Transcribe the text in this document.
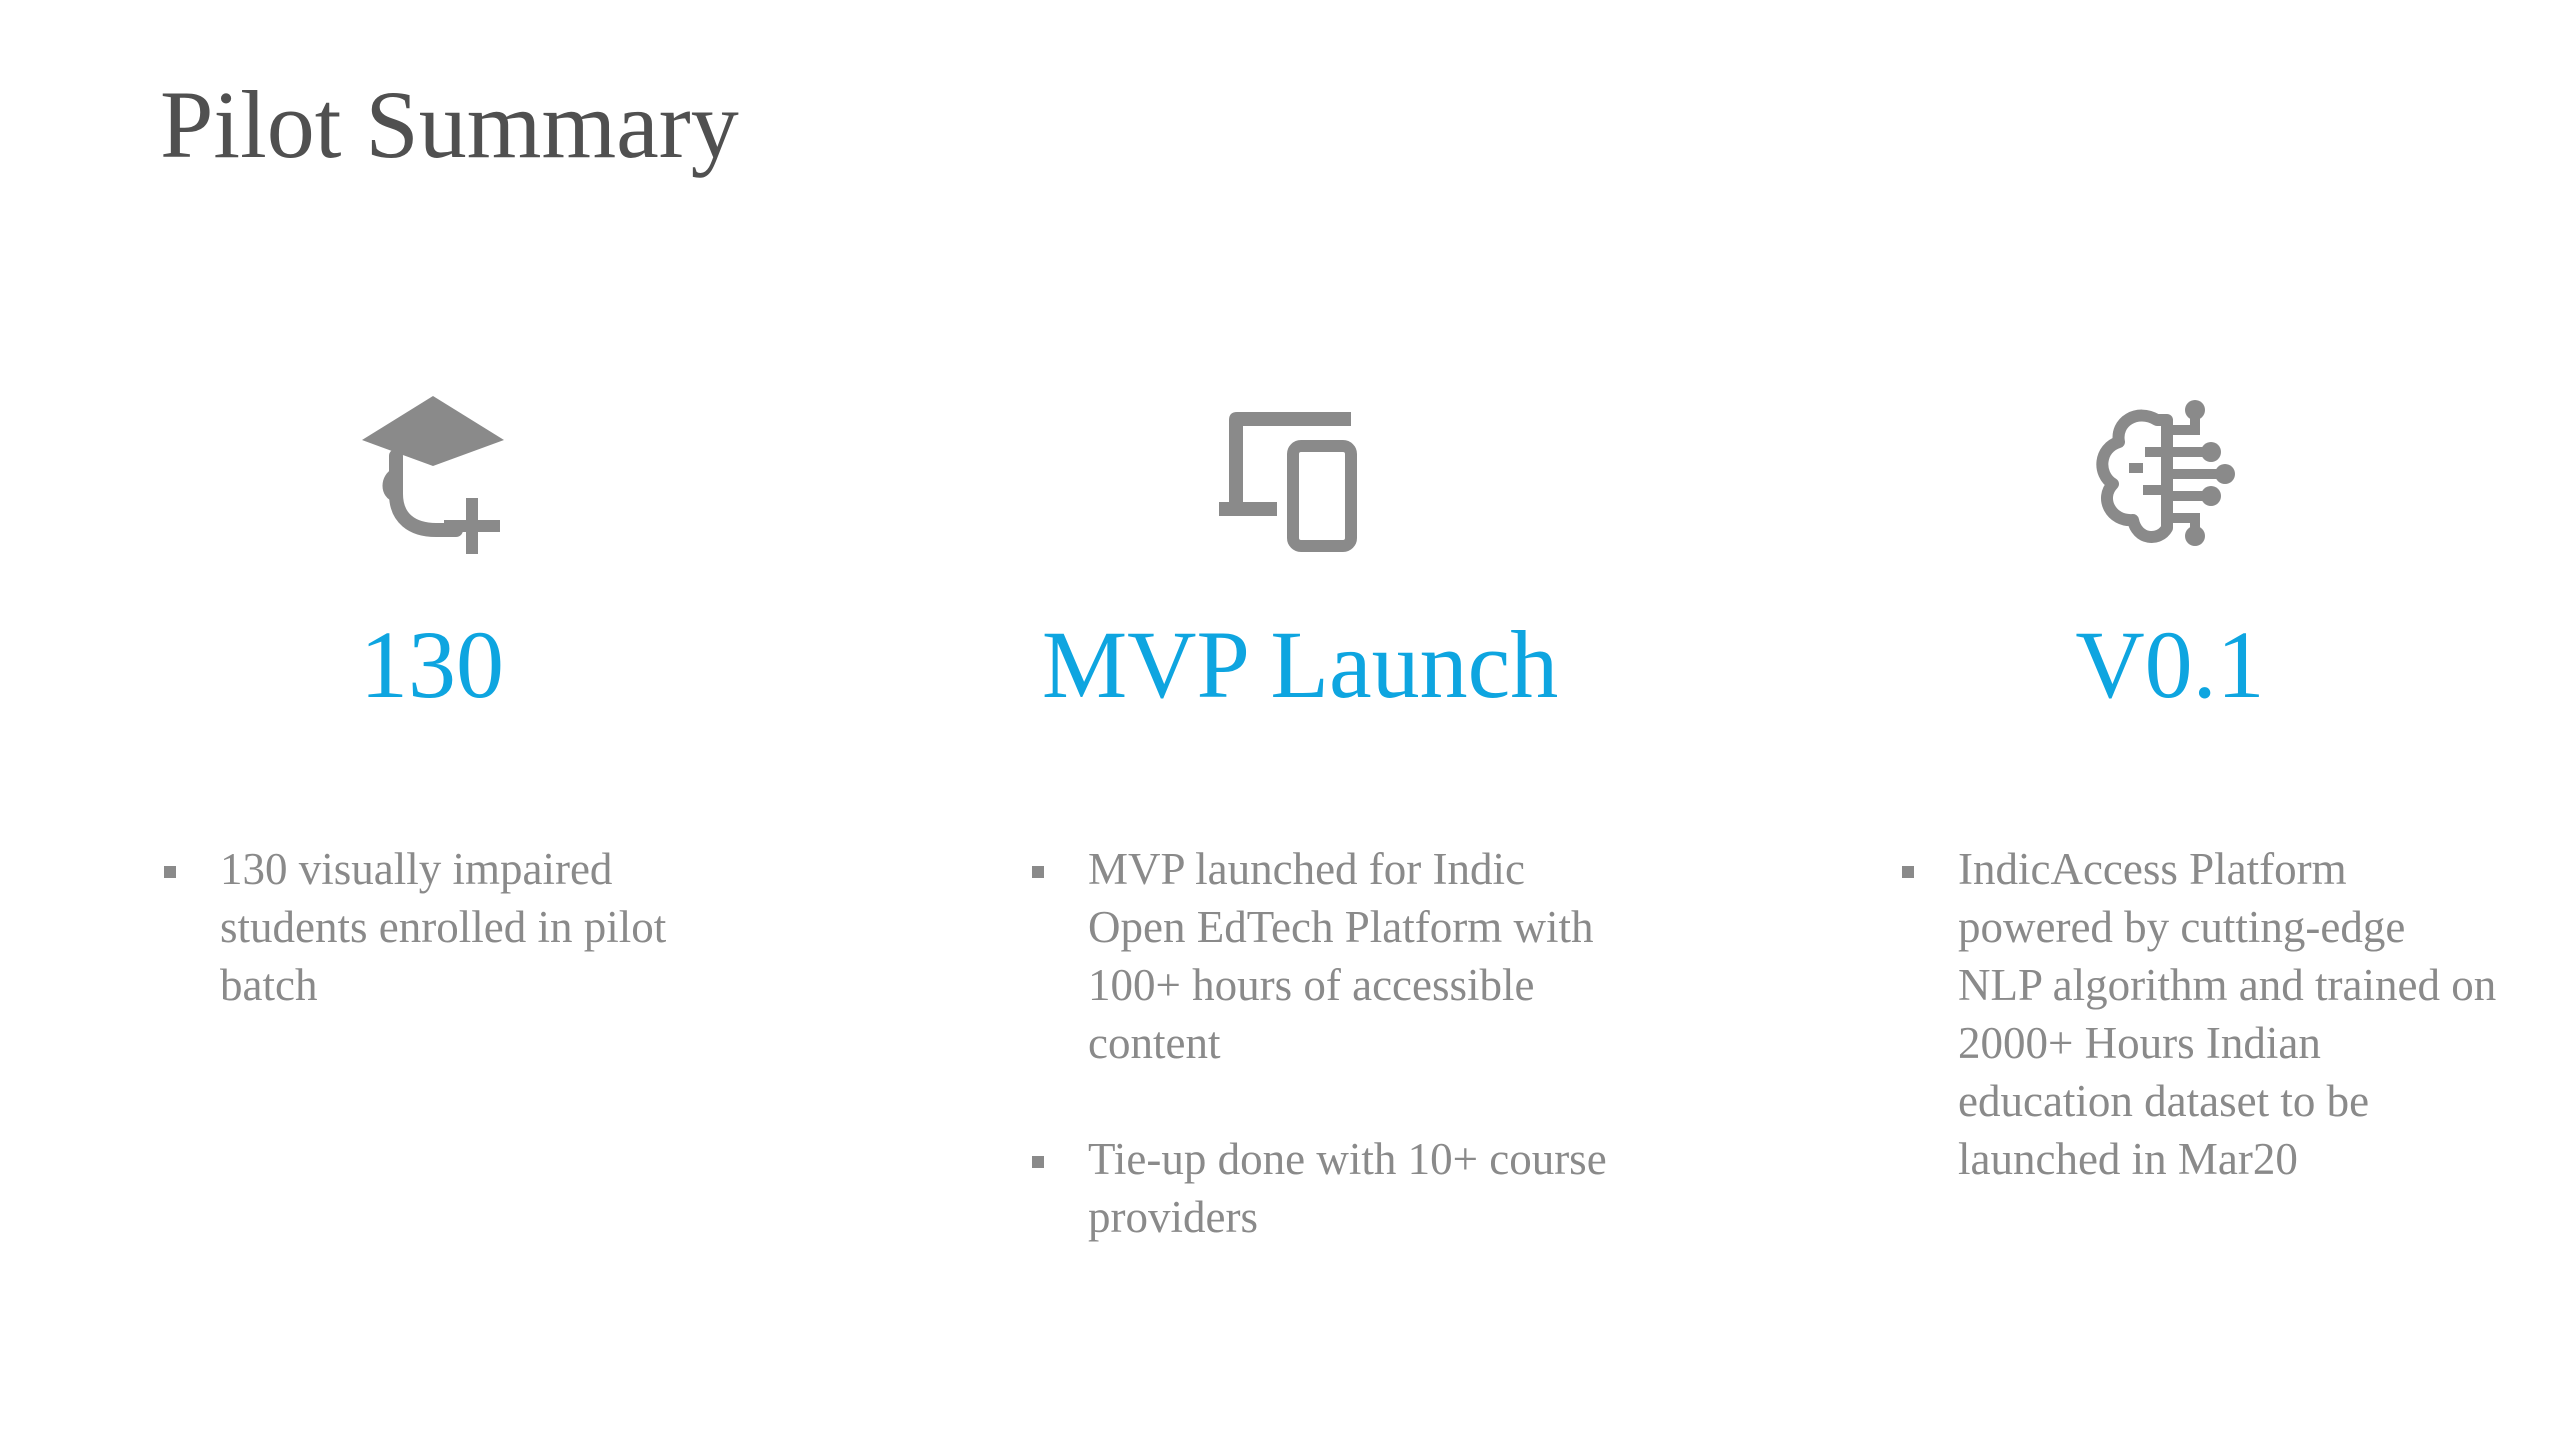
Pilot Summary
130
130 visually impaired students enrolled in pilot batch
MVP Launch
MVP launched for Indic Open EdTech Platform with 100+ hours of accessible content
Tie-up done with 10+ course providers
V0.1
IndicAccess Platform powered by cutting-edge NLP algorithm and trained on 2000+ Hours Indian education dataset to be launched in Mar20
